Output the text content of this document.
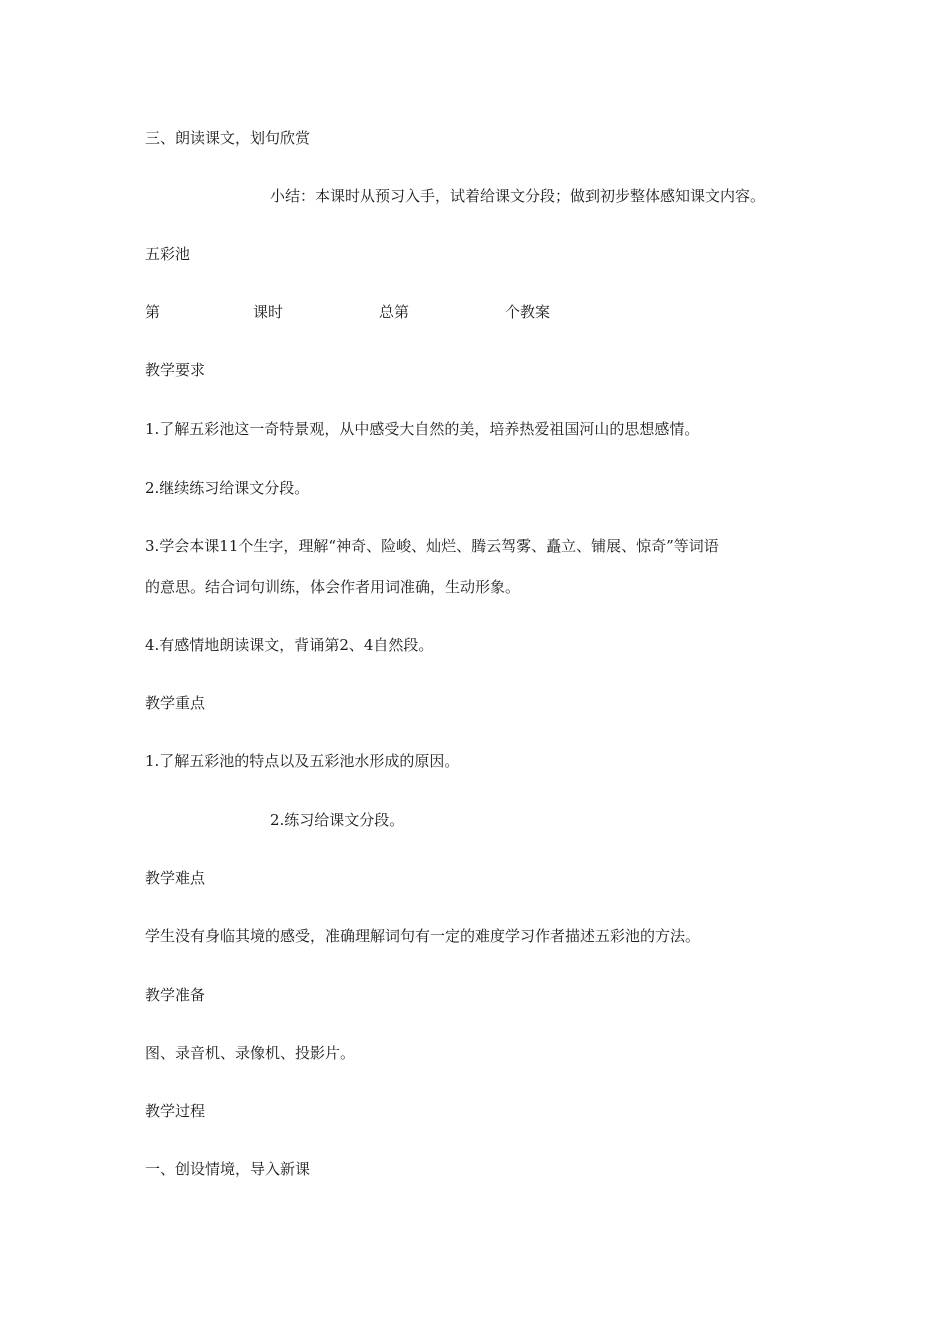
三、朗读课文，划句欣赏
小结：本课时从预习入手，试着给课文分段；做到初步整体感知课文内容。
五彩池
第	课时	总第	个教案
教学要求
1.了解五彩池这一奇特景观，从中感受大自然的美，培养热爱祖国河山的思想感情。
2.继续练习给课文分段。
3.学会本课11个生字，理解“神奇、险峻、灿烂、腾云驾雾、矗立、铺展、惊奇”等词语
的意思。结合词句训练，体会作者用词准确，生动形象。
4.有感情地朗读课文，背诵第2、4自然段。
教学重点
1.了解五彩池的特点以及五彩池水形成的原因。
2.练习给课文分段。
教学难点
学生没有身临其境的感受，准确理解词句有一定的难度学习作者描述五彩池的方法。
教学准备
图、录音机、录像机、投影片。
教学过程
一、创设情境，导入新课
